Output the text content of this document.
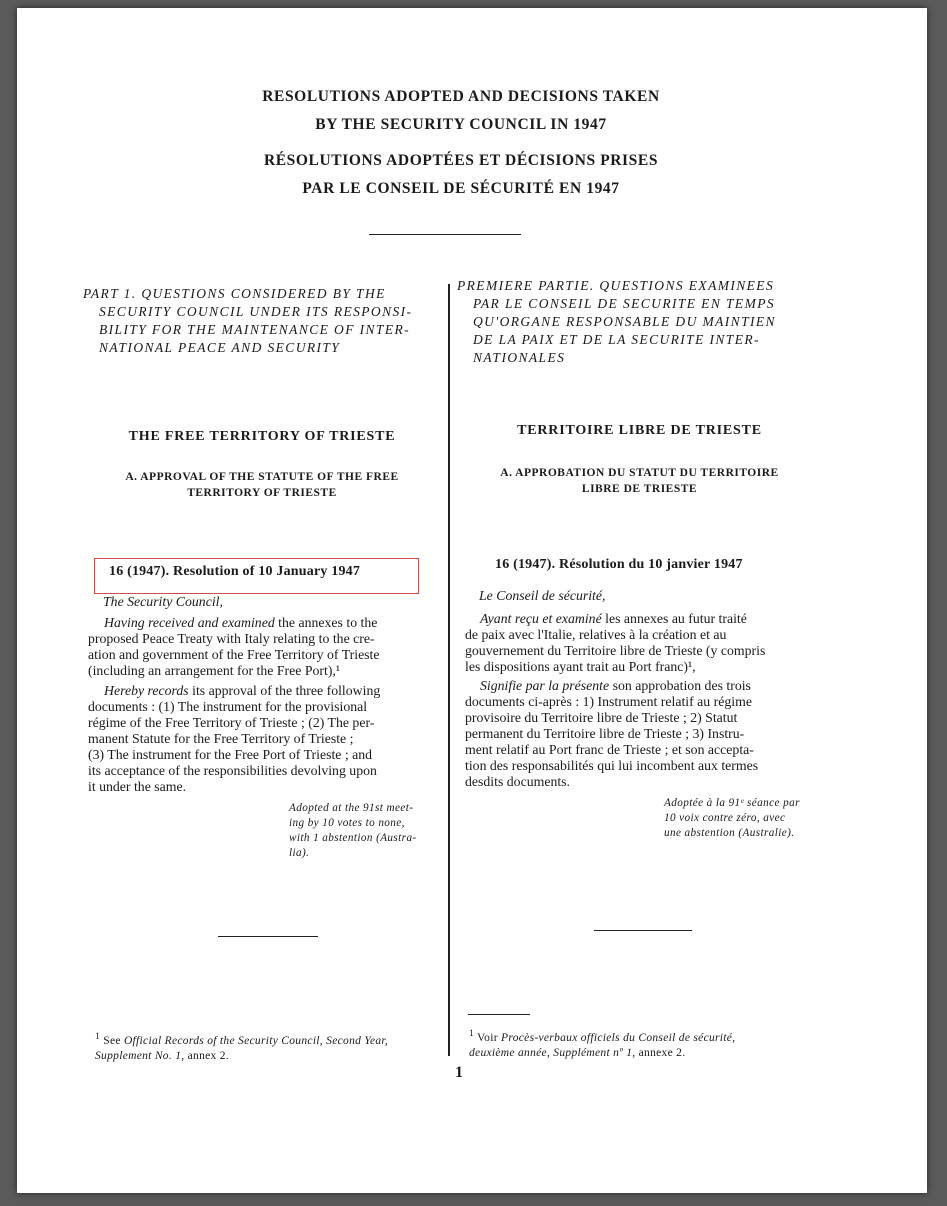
RESOLUTIONS ADOPTED AND DECISIONS TAKEN
BY THE SECURITY COUNCIL IN 1947
RÉSOLUTIONS ADOPTÉES ET DÉCISIONS PRISES
PAR LE CONSEIL DE SÉCURITÉ EN 1947
PART 1. QUESTIONS CONSIDERED BY THE
SECURITY COUNCIL UNDER ITS RESPONSI-
BILITY FOR THE MAINTENANCE OF INTER-
NATIONAL PEACE AND SECURITY
THE FREE TERRITORY OF TRIESTE
A. APPROVAL OF THE STATUTE OF THE FREE
TERRITORY OF TRIESTE
16 (1947). Resolution of 10 January 1947
The Security Council,
Having received and examined the annexes to the
proposed Peace Treaty with Italy relating to the cre-
ation and government of the Free Territory of Trieste
(including an arrangement for the Free Port),¹
Hereby records its approval of the three following
documents : (1) The instrument for the provisional
régime of the Free Territory of Trieste ; (2) The per-
manent Statute for the Free Territory of Trieste ;
(3) The instrument for the Free Port of Trieste ; and
its acceptance of the responsibilities devolving upon
it under the same.
Adopted at the 91st meet-
ing by 10 votes to none,
with 1 abstention (Austra-
lia).
$^1$ See Official Records of the Security Council, Second Year,
Supplement No. 1, annex 2.
PREMIERE PARTIE. QUESTIONS EXAMINEES
PAR LE CONSEIL DE SECURITE EN TEMPS
QU'ORGANE RESPONSABLE DU MAINTIEN
DE LA PAIX ET DE LA SECURITE INTER-
NATIONALES
TERRITOIRE LIBRE DE TRIESTE
A. APPROBATION DU STATUT DU TERRITOIRE
LIBRE DE TRIESTE
16 (1947). Résolution du 10 janvier 1947
Le Conseil de sécurité,
Ayant reçu et examiné les annexes au futur traité
de paix avec l'Italie, relatives à la création et au
gouvernement du Territoire libre de Trieste (y compris
les dispositions ayant trait au Port franc)¹,
Signifie par la présente son approbation des trois
documents ci-après : 1) Instrument relatif au régime
provisoire du Territoire libre de Trieste ; 2) Statut
permanent du Territoire libre de Trieste ; 3) Instru-
ment relatif au Port franc de Trieste ; et son accepta-
tion des responsabilités qui lui incombent aux termes
desdits documents.
Adoptée à la 91ᵉ séance par
10 voix contre zéro, avec
une abstention (Australie).
$^1$ Voir Procès-verbaux officiels du Conseil de sécurité,
deuxième année, Supplément nº 1, annexe 2.
1
